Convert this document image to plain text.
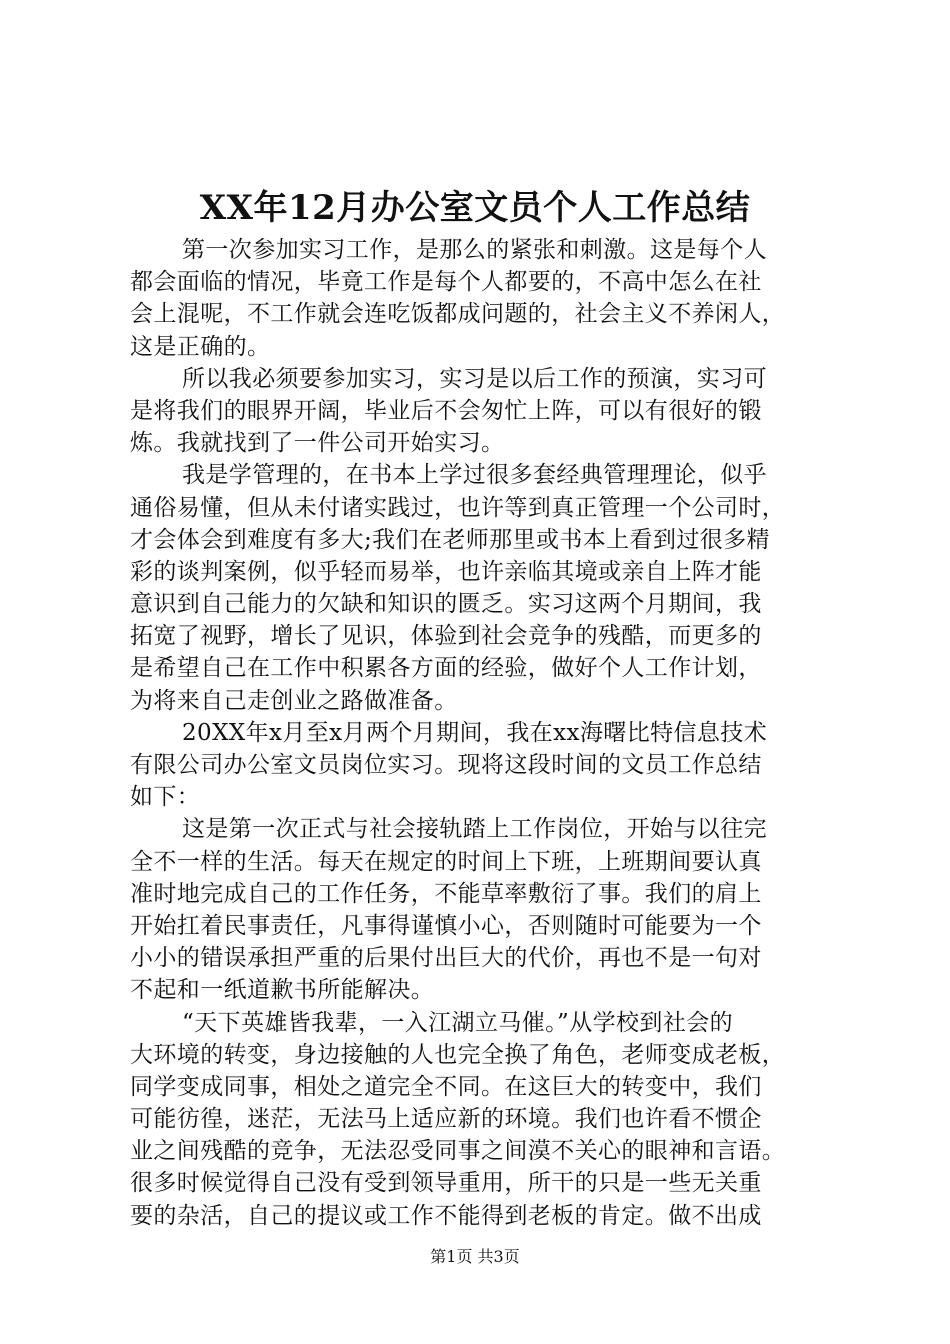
XX年12月办公室文员个人工作总结
第一次参加实习工作，是那么的紧张和刺激。这是每个人
都会面临的情况，毕竟工作是每个人都要的，不高中怎么在社
会上混呢，不工作就会连吃饭都成问题的，社会主义不养闲人，
这是正确的。
所以我必须要参加实习，实习是以后工作的预演，实习可
是将我们的眼界开阔，毕业后不会匆忙上阵，可以有很好的锻
炼。我就找到了一件公司开始实习。
我是学管理的，在书本上学过很多套经典管理理论，似乎
通俗易懂，但从未付诸实践过，也许等到真正管理一个公司时，
才会体会到难度有多大;我们在老师那里或书本上看到过很多精
彩的谈判案例，似乎轻而易举，也许亲临其境或亲自上阵才能
意识到自己能力的欠缺和知识的匮乏。实习这两个月期间，我
拓宽了视野，增长了见识，体验到社会竞争的残酷，而更多的
是希望自己在工作中积累各方面的经验，做好个人工作计划，
为将来自己走创业之路做准备。
20XX年x月至x月两个月期间，我在xx海曙比特信息技术
有限公司办公室文员岗位实习。现将这段时间的文员工作总结
如下：
这是第一次正式与社会接轨踏上工作岗位，开始与以往完
全不一样的生活。每天在规定的时间上下班，上班期间要认真
准时地完成自己的工作任务，不能草率敷衍了事。我们的肩上
开始扛着民事责任，凡事得谨慎小心，否则随时可能要为一个
小小的错误承担严重的后果付出巨大的代价，再也不是一句对
不起和一纸道歉书所能解决。
“天下英雄皆我辈，一入江湖立马催。”从学校到社会的
大环境的转变，身边接触的人也完全换了角色，老师变成老板，
同学变成同事，相处之道完全不同。在这巨大的转变中，我们
可能彷徨，迷茫，无法马上适应新的环境。我们也许看不惯企
业之间残酷的竞争，无法忍受同事之间漠不关心的眼神和言语。
很多时候觉得自己没有受到领导重用，所干的只是一些无关重
要的杂活，自己的提议或工作不能得到老板的肯定。做不出成
第1页 共3页
